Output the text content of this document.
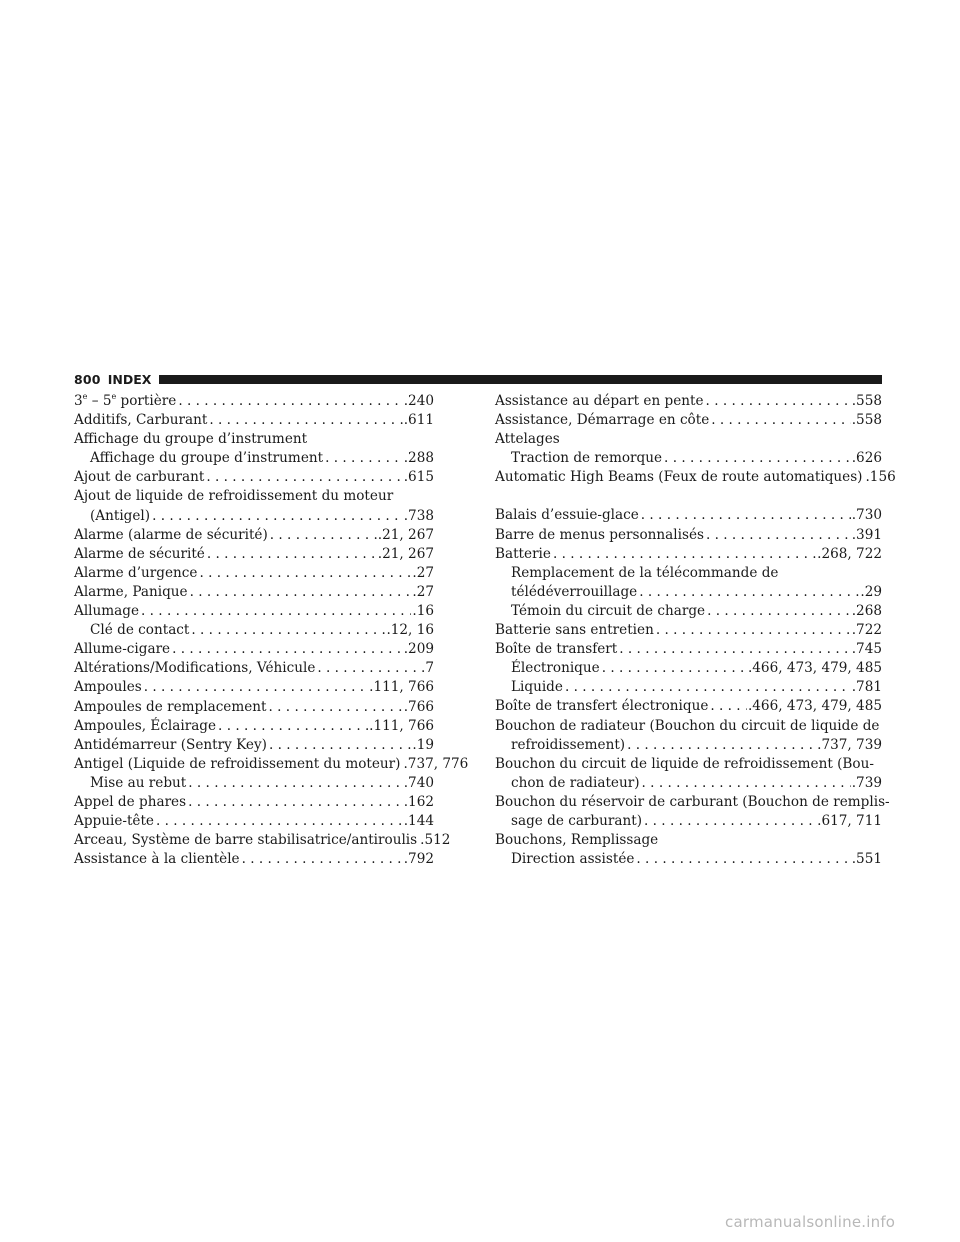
800 INDEX
3e – 5e portière . . .	.240
Additifs, Carburant . . .	.611
Affichage du groupe d’instrument
Affichage du groupe d’instrument . . .	.288
Ajout de carburant . . .	.615
Ajout de liquide de refroidissement du moteur
(Antigel) . . .	.738
Alarme (alarme de sécurité) . . .	.21, 267
Alarme de sécurité . . .	.21, 267
Alarme d’urgence . . .	.27
Alarme, Panique . . .	.27
Allumage . . .	.16
Clé de contact . . .	.12, 16
Allume-cigare . . .	.209
Altérations/Modifications, Véhicule . . .	.7
Ampoules . . .	.111, 766
Ampoules de remplacement . . .	.766
Ampoules, Éclairage . . .	.111, 766
Antidémarreur (Sentry Key) . . .	.19
Antigel (Liquide de refroidissement du moteur) .737, 776
Mise au rebut . . .	.740
Appel de phares . . .	.162
Appuie-tête . . .	.144
Arceau, Système de barre stabilisatrice/antiroulis .512
Assistance à la clientèle . . .	.792
Assistance au départ en pente . . .	.558
Assistance, Démarrage en côte . . .	.558
Attelages
Traction de remorque . . .	.626
Automatic High Beams (Feux de route automatiques) .156
Balais d’essuie-glace . . .	.730
Barre de menus personnalisés . . .	.391
Batterie . . .	.268, 722
Remplacement de la télécommande de
télédéverrouillage . . .	.29
Témoin du circuit de charge . . .	.268
Batterie sans entretien . . .	.722
Boîte de transfert . . .	.745
Électronique . . .	.466, 473, 479, 485
Liquide . . .	.781
Boîte de transfert électronique . . .	.466, 473, 479, 485
Bouchon de radiateur (Bouchon du circuit de liquide de
refroidissement) . . .	.737, 739
Bouchon du circuit de liquide de refroidissement (Bou-
chon de radiateur) . . .	.739
Bouchon du réservoir de carburant (Bouchon de remplis-
sage de carburant) . . .	.617, 711
Bouchons, Remplissage
Direction assistée . . .	.551
carmanualsonline.info
